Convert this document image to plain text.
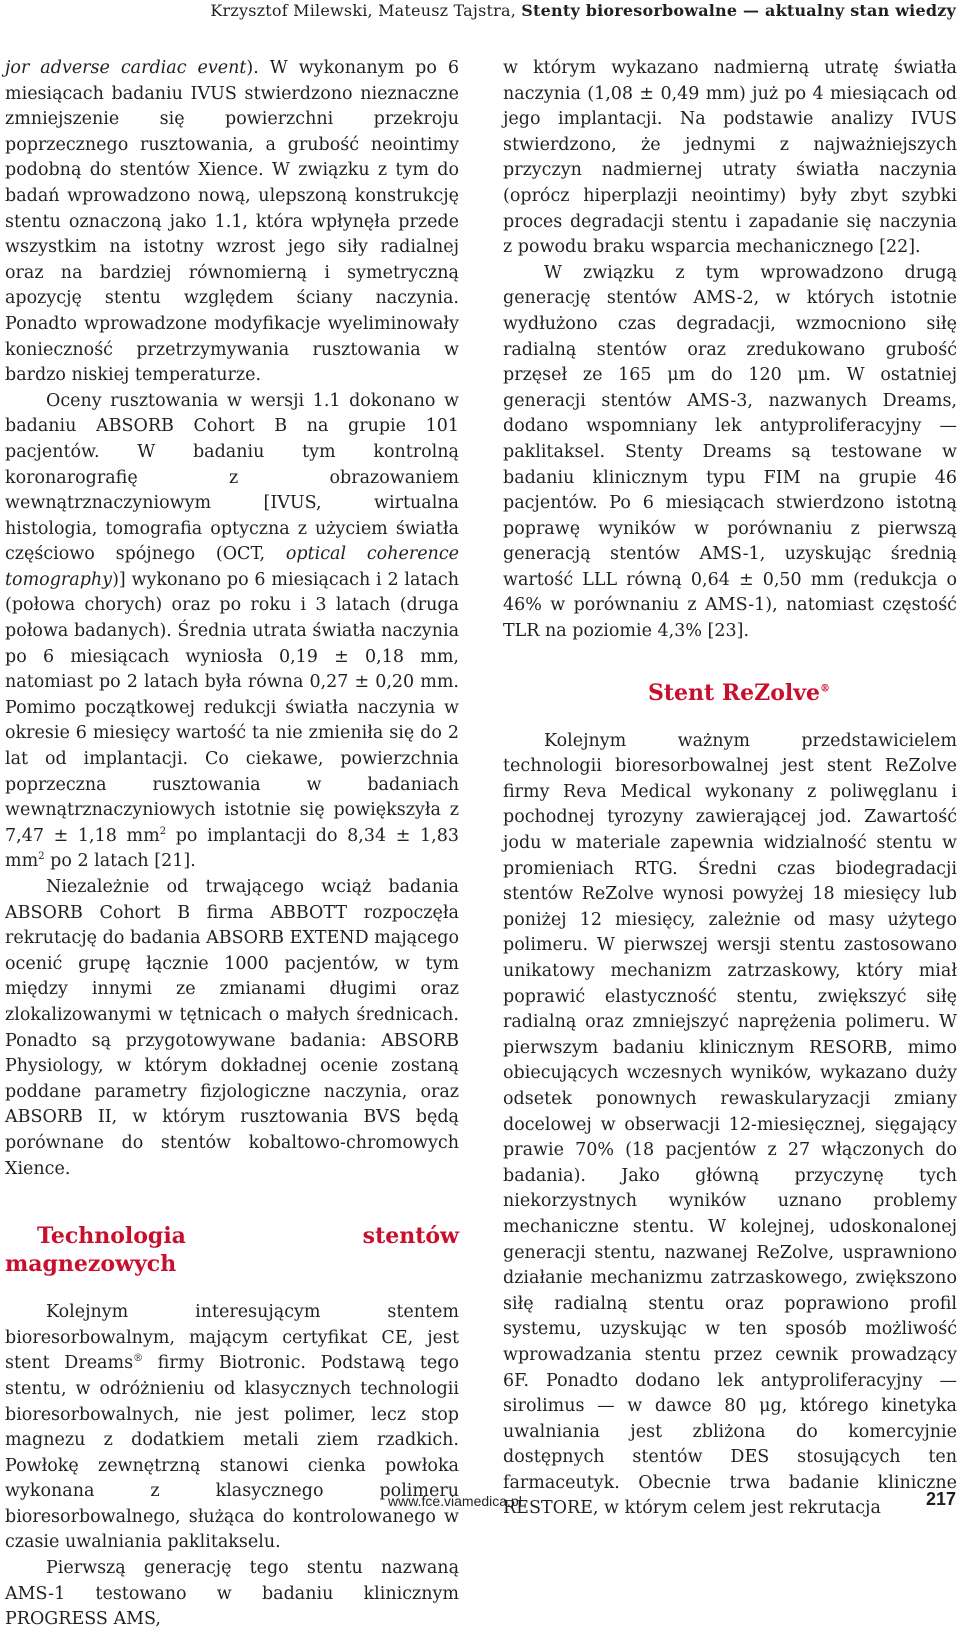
Krzysztof Milewski, Mateusz Tajstra, Stenty bioresorbowalne — aktualny stan wiedzy

jor adverse cardiac event). W wykonanym po 6 miesiącach badaniu IVUS stwierdzono nieznaczne zmniejszenie się powierzchni przekroju poprzecznego rusztowania, a grubość neointimy podobną do stentów Xience. W związku z tym do badań wprowadzono nową, ulepszoną konstrukcję stentu oznaczoną jako 1.1, która wpłynęła przede wszystkim na istotny wzrost jego siły radialnej oraz na bardziej równomierną i symetryczną apozycję stentu względem ściany naczynia. Ponadto wprowadzone modyfikacje wyeliminowały konieczność przetrzymywania rusztowania w bardzo niskiej temperaturze.

Oceny rusztowania w wersji 1.1 dokonano w badaniu ABSORB Cohort B na grupie 101 pacjentów. W badaniu tym kontrolną koronarografię z obrazowaniem wewnątrznaczyniowym [IVUS, wirtualna histologia, tomografia optyczna z użyciem światła częściowo spójnego (OCT, optical coherence tomography)] wykonano po 6 miesiącach i 2 latach (połowa chorych) oraz po roku i 3 latach (druga połowa badanych). Średnia utrata światła naczynia po 6 miesiącach wyniosła 0,19 ± 0,18 mm, natomiast po 2 latach była równa 0,27 ± 0,20 mm. Pomimo początkowej redukcji światła naczynia w okresie 6 miesięcy wartość ta nie zmieniła się do 2 lat od implantacji. Co ciekawe, powierzchnia poprzeczna rusztowania w badaniach wewnątrznaczyniowych istotnie się powiększyła z 7,47 ± 1,18 $mm^2$ po implantacji do 8,34 ± 1,83 $mm^2$ po 2 latach [21].

Niezależnie od trwającego wciąż badania ABSORB Cohort B firma ABBOTT rozpoczęła rekrutację do badania ABSORB EXTEND mającego ocenić grupę łącznie 1000 pacjentów, w tym między innymi ze zmianami długimi oraz zlokalizowanymi w tętnicach o małych średnicach. Ponadto są przygotowywane badania: ABSORB Physiology, w którym dokładnej ocenie zostaną poddane parametry fizjologiczne naczynia, oraz ABSORB II, w którym rusztowania BVS będą porównane do stentów kobaltowo-chromowych Xience.

Technologia stentów magnezowych

Kolejnym interesującym stentem bioresorbowalnym, mającym certyfikat CE, jest stent Dreams® firmy Biotronic. Podstawą tego stentu, w odróżnieniu od klasycznych technologii bioresorbowalnych, nie jest polimer, lecz stop magnezu z dodatkiem metali ziem rzadkich. Powłokę zewnętrzną stanowi cienka powłoka wykonana z klasycznego polimeru bioresorbowalnego, służąca do kontrolowanego w czasie uwalniania paklitakselu.

Pierwszą generację tego stentu nazwaną AMS-1 testowano w badaniu klinicznym PROGRESS AMS,

w którym wykazano nadmierną utratę światła naczynia (1,08 ± 0,49 mm) już po 4 miesiącach od jego implantacji. Na podstawie analizy IVUS stwierdzono, że jednymi z najważniejszych przyczyn nadmiernej utraty światła naczynia (oprócz hiperplazji neointimy) były zbyt szybki proces degradacji stentu i zapadanie się naczynia z powodu braku wsparcia mechanicznego [22].

W związku z tym wprowadzono drugą generację stentów AMS-2, w których istotnie wydłużono czas degradacji, wzmocniono siłę radialną stentów oraz zredukowano grubość przęseł ze 165 μm do 120 μm. W ostatniej generacji stentów AMS-3, nazwanych Dreams, dodano wspomniany lek antyproliferacyjny — paklitaksel. Stenty Dreams są testowane w badaniu klinicznym typu FIM na grupie 46 pacjentów. Po 6 miesiącach stwierdzono istotną poprawę wyników w porównaniu z pierwszą generacją stentów AMS-1, uzyskując średnią wartość LLL równą 0,64 ± 0,50 mm (redukcja o 46% w porównaniu z AMS-1), natomiast częstość TLR na poziomie 4,3% [23].

Stent ReZolve®

Kolejnym ważnym przedstawicielem technologii bioresorbowalnej jest stent ReZolve firmy Reva Medical wykonany z poliwęglanu i pochodnej tyrozyny zawierającej jod. Zawartość jodu w materiale zapewnia widzialność stentu w promieniach RTG. Średni czas biodegradacji stentów ReZolve wynosi powyżej 18 miesięcy lub poniżej 12 miesięcy, zależnie od masy użytego polimeru. W pierwszej wersji stentu zastosowano unikatowy mechanizm zatrzaskowy, który miał poprawić elastyczność stentu, zwiększyć siłę radialną oraz zmniejszyć naprężenia polimeru. W pierwszym badaniu klinicznym RESORB, mimo obiecujących wczesnych wyników, wykazano duży odsetek ponownych rewaskularyzacji zmiany docelowej w obserwacji 12-miesięcznej, sięgający prawie 70% (18 pacjentów z 27 włączonych do badania). Jako główną przyczynę tych niekorzystnych wyników uznano problemy mechaniczne stentu. W kolejnej, udoskonalonej generacji stentu, nazwanej ReZolve, usprawniono działanie mechanizmu zatrzaskowego, zwiększono siłę radialną stentu oraz poprawiono profil systemu, uzyskując w ten sposób możliwość wprowadzania stentu przez cewnik prowadzący 6F. Ponadto dodano lek antyproliferacyjny — sirolimus — w dawce 80 μg, którego kinetyka uwalniania jest zbliżona do komercyjnie dostępnych stentów DES stosujących ten farmaceutyk. Obecnie trwa badanie kliniczne RESTORE, w którym celem jest rekrutacja

www.fce.viamedica.pl	217
